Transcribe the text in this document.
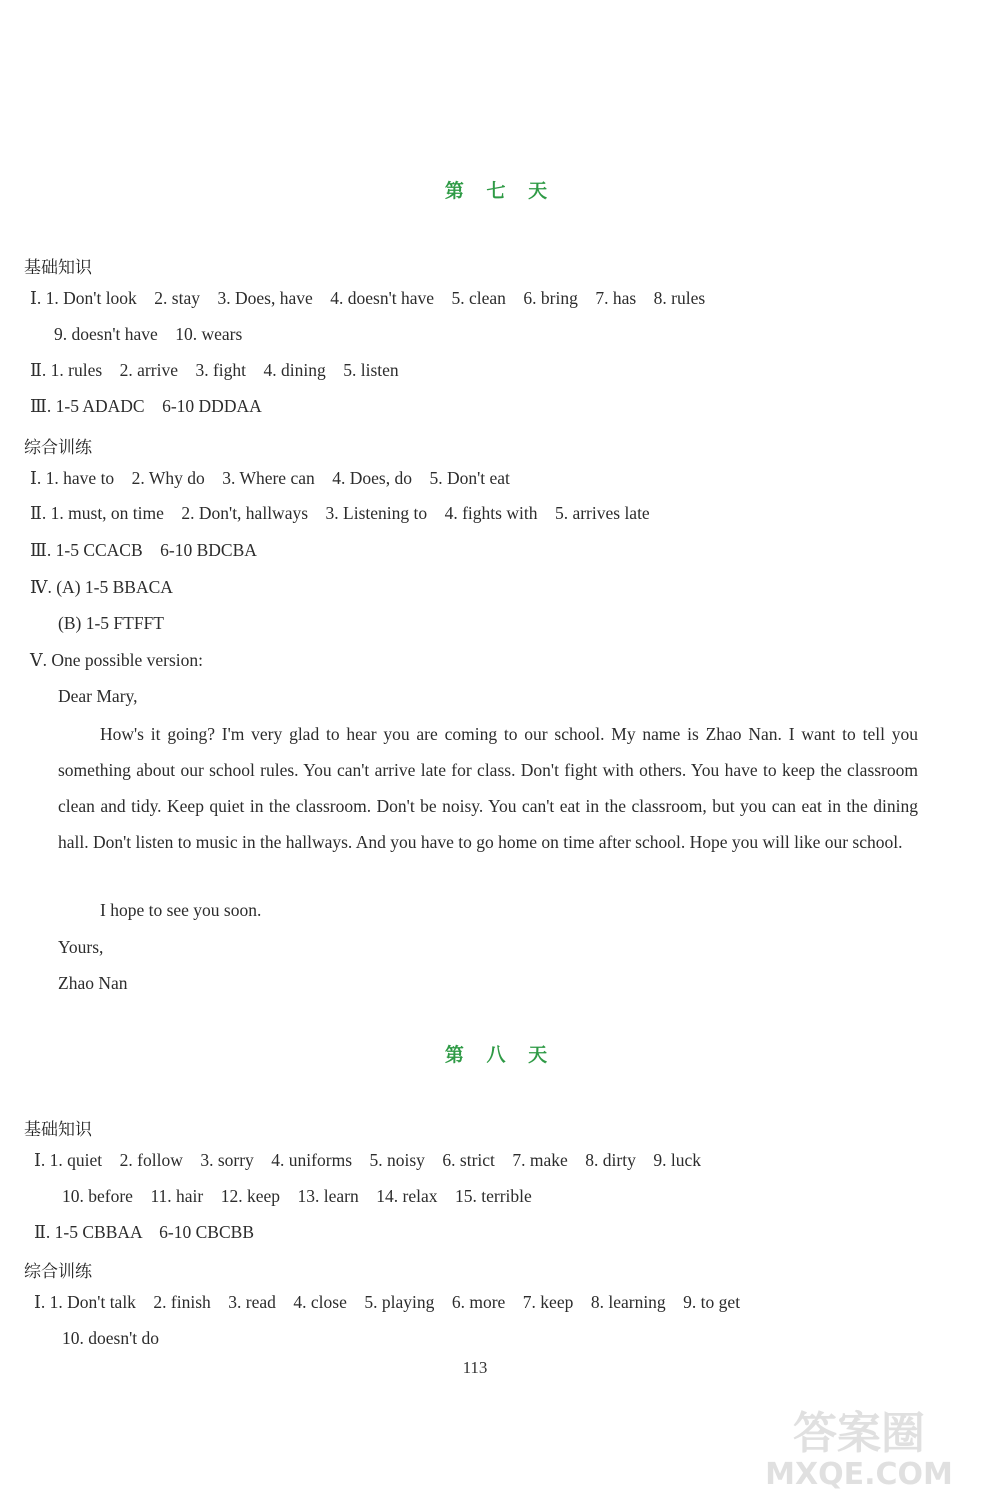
第 七 天
基础知识
Ⅰ. 1. Don't look    2. stay    3. Does, have    4. doesn't have    5. clean    6. bring    7. has    8. rules
9. doesn't have    10. wears
Ⅱ. 1. rules    2. arrive    3. fight    4. dining    5. listen
Ⅲ. 1-5 ADADC    6-10 DDDAA
综合训练
Ⅰ. 1. have to    2. Why do    3. Where can    4. Does, do    5. Don't eat
Ⅱ. 1. must, on time    2. Don't, hallways    3. Listening to    4. fights with    5. arrives late
Ⅲ. 1-5 CCACB    6-10 BDCBA
Ⅳ. (A) 1-5 BBACA
(B) 1-5 FTFFT
Ⅴ. One possible version:
Dear Mary,

How's it going? I'm very glad to hear you are coming to our school. My name is Zhao Nan. I want to tell you something about our school rules. You can't arrive late for class. Don't fight with others. You have to keep the classroom clean and tidy. Keep quiet in the classroom. Don't be noisy. You can't eat in the classroom, but you can eat in the dining hall. Don't listen to music in the hallways. And you have to go home on time after school. Hope you will like our school.

I hope to see you soon.
Yours,
Zhao Nan
第 八 天
基础知识
Ⅰ. 1. quiet    2. follow    3. sorry    4. uniforms    5. noisy    6. strict    7. make    8. dirty    9. luck
10. before    11. hair    12. keep    13. learn    14. relax    15. terrible
Ⅱ. 1-5 CBBAA    6-10 CBCBB
综合训练
Ⅰ. 1. Don't talk    2. finish    3. read    4. close    5. playing    6. more    7. keep    8. learning    9. to get
10. doesn't do
113
答案圈
MXQE.COM
